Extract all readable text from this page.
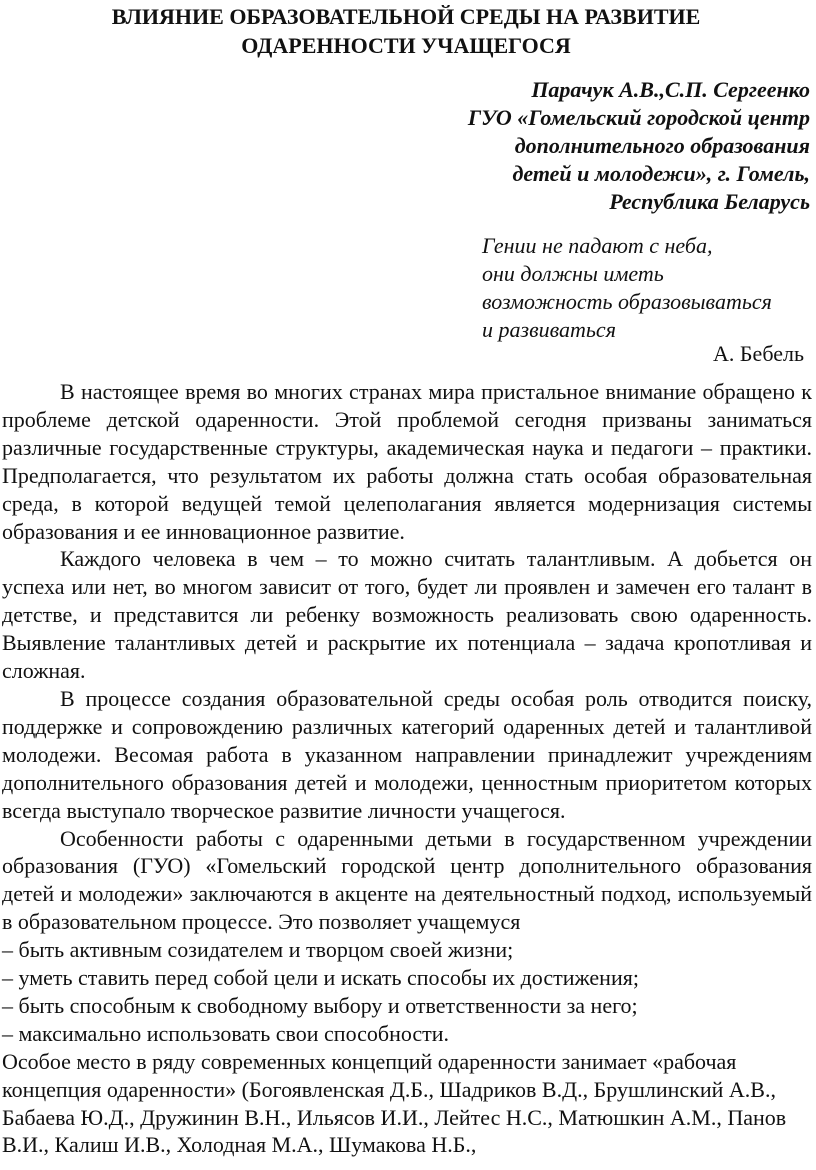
ВЛИЯНИЕ ОБРАЗОВАТЕЛЬНОЙ СРЕДЫ НА РАЗВИТИЕ
ОДАРЕННОСТИ УЧАЩЕГОСЯ
Парачук А.В.,С.П. Сергеенко
ГУО «Гомельский городской центр
дополнительного образования
детей и молодежи», г. Гомель,
Республика Беларусь
Гении не падают с неба,
они должны иметь
возможность образовываться
и развиваться
А. Бебель

В настоящее время во многих странах мира пристальное внимание обращено к проблеме детской одаренности. Этой проблемой сегодня призваны заниматься различные государственные структуры, академическая наука и педагоги – практики. Предполагается, что результатом их работы должна стать особая образовательная среда, в которой ведущей темой целеполагания является модернизация системы образования и ее инновационное развитие.

Каждого человека в чем – то можно считать талантливым. А добьется он успеха или нет, во многом зависит от того, будет ли проявлен и замечен его талант в детстве, и представится ли ребенку возможность реализовать свою одаренность. Выявление талантливых детей и раскрытие их потенциала – задача кропотливая и сложная.

В процессе создания образовательной среды особая роль отводится поиску, поддержке и сопровождению различных категорий одаренных детей и талантливой молодежи. Весомая работа в указанном направлении принадлежит учреждениям дополнительного образования детей и молодежи, ценностным приоритетом которых всегда выступало творческое развитие личности учащегося.

Особенности работы с одаренными детьми в государственном учреждении образования (ГУО) «Гомельский городской центр дополнительного образования детей и молодежи» заключаются в акценте на деятельностный подход, используемый в образовательном процессе. Это позволяет учащемуся

– быть активным созидателем и творцом своей жизни;
– уметь ставить перед собой цели и искать способы их достижения;
– быть способным к свободному выбору и ответственности за него;
– максимально использовать свои способности.

Особое место в ряду современных концепций одаренности занимает «рабочая концепция одаренности» (Богоявленская Д.Б., Шадриков В.Д., Брушлинский А.В., Бабаева Ю.Д., Дружинин В.Н., Ильясов И.И., Лейтес Н.С., Матюшкин А.М., Панов В.И., Калиш И.В., Холодная М.А., Шумакова Н.Б.,
